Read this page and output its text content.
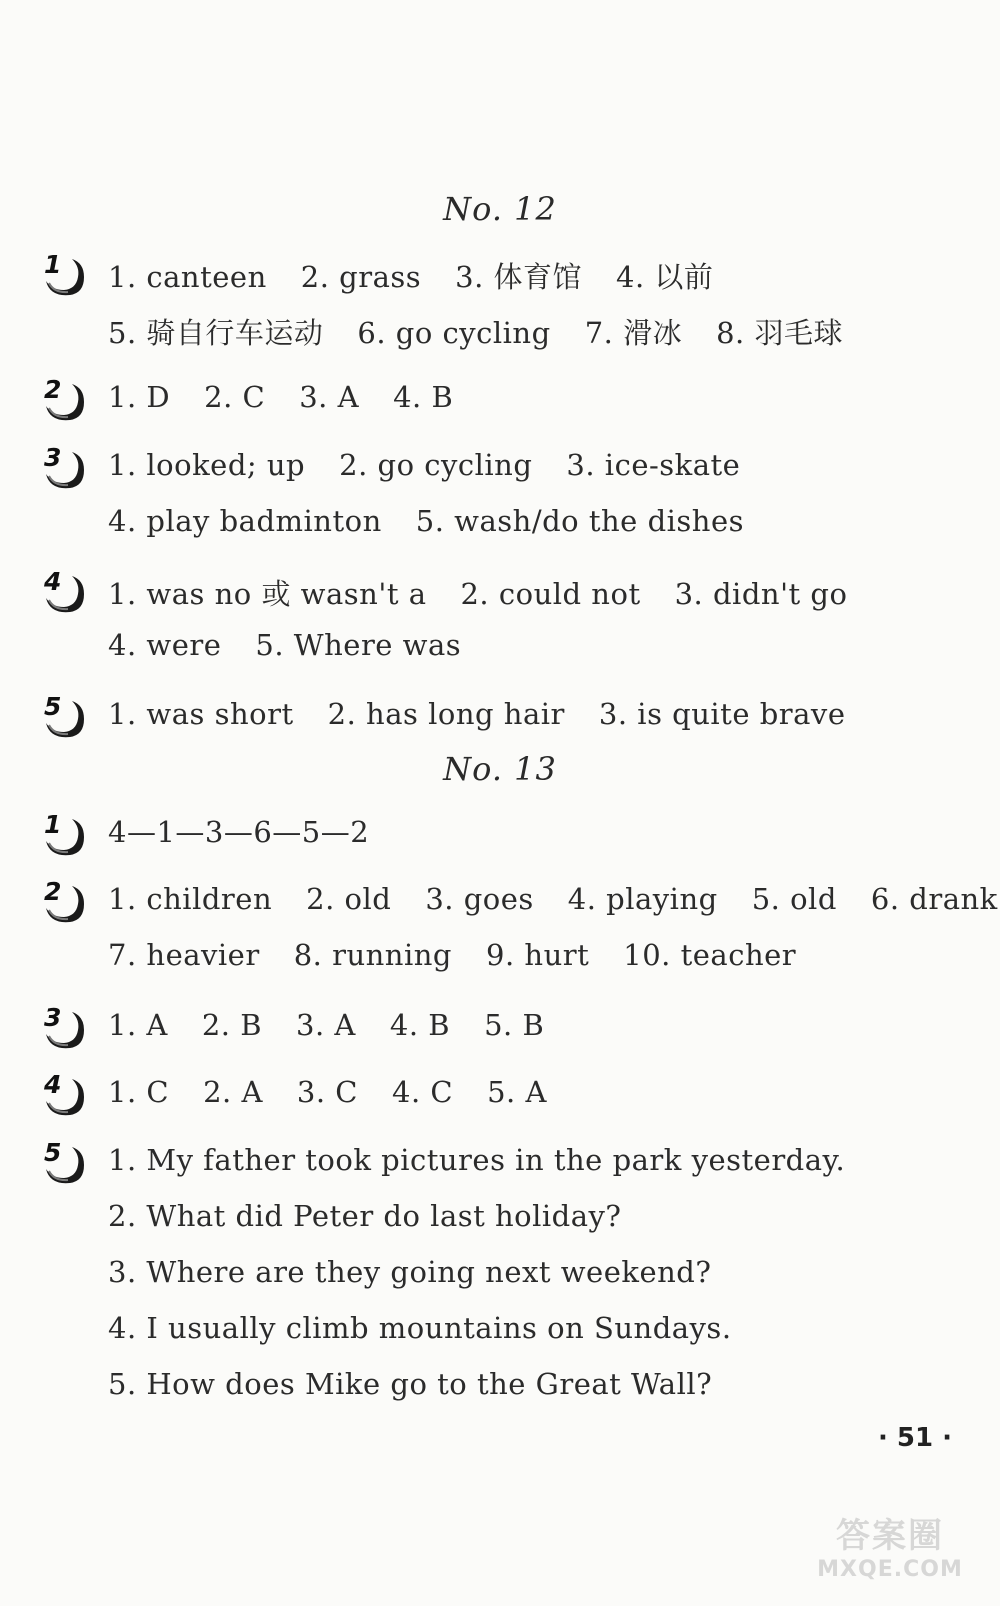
No. 12
1 1. canteen 2. grass 3. 体育馆 4. 以前
5. 骑自行车运动 6. go cycling 7. 滑冰 8. 羽毛球
2 1. D 2. C 3. A 4. B
3 1. looked; up 2. go cycling 3. ice-skate
4. play badminton 5. wash/do the dishes
4 1. was no 或 wasn't a 2. could not 3. didn't go
4. were 5. Where was
5 1. was short 2. has long hair 3. is quite brave
No. 13
1 4—1—3—6—5—2
2 1. children 2. old 3. goes 4. playing 5. old 6. drank
7. heavier 8. running 9. hurt 10. teacher
3 1. A 2. B 3. A 4. B 5. B
4 1. C 2. A 3. C 4. C 5. A
5 1. My father took pictures in the park yesterday.
2. What did Peter do last holiday?
3. Where are they going next weekend?
4. I usually climb mountains on Sundays.
5. How does Mike go to the Great Wall?
· 51 ·
答案圈
MXQE.COM
